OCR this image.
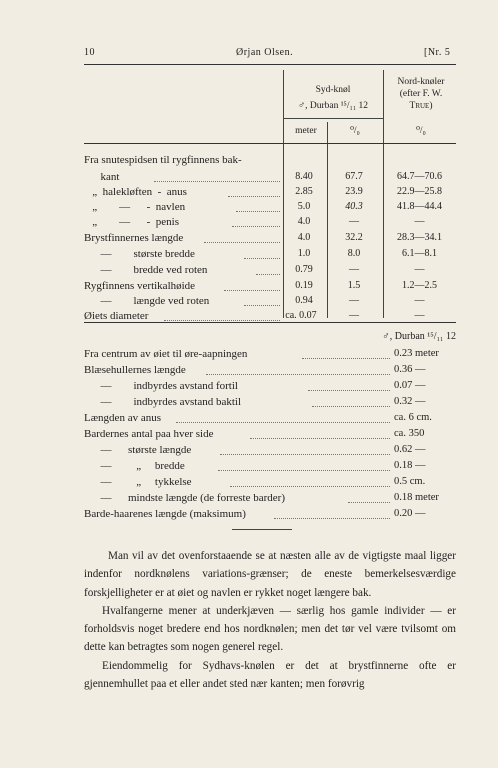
10	Ørjan Olsen.	[Nr. 5
Syd-knøl
♂, Durban ¹⁵/₁₁ 12
Nord-knøler
(efter F. W.
True)
meter	⁰/₀	⁰/₀
Fra snutespidsen til rygfinnens bak-
kant	8.40	67.7	64.7—70.6
„  halekløften  -  anus	2.85	23.9	22.9—25.8
„        —      -  navlen	5.0	40.3	41.8—44.4
„        —      -  penis	4.0	—	—
Brystfinnernes længde	4.0	32.2	28.3—34.1
—        største bredde	1.0	8.0	6.1—8.1
—        bredde ved roten	0.79	—	—
Rygfinnens vertikalhøide	0.19	1.5	1.2—2.5
—        længde ved roten	0.94	—	—
Øiets diameter	ca. 0.07	—	—
♂, Durban ¹⁵/₁₁ 12
Fra centrum av øiet til øre-aapningen	0.23 meter
Blæsehullernes længde	0.36 —
—        indbyrdes avstand fortil	0.07 —
—        indbyrdes avstand baktil	0.32 —
Længden av anus	ca. 6 cm.
Bardernes antal paa hver side	ca. 350
—      største længde	0.62 —
—         „     bredde	0.18 —
—         „     tykkelse	0.5 cm.
—      mindste længde (de forreste barder)	0.18 meter
Barde-haarenes længde (maksimum)	0.20 —

Man vil av det ovenforstaaende se at næsten alle av de vigtigste maal ligger indenfor nordknølens variations-grænser; de eneste bemerkelsesværdige forskjelligheter er at øiet og navlen er rykket noget længere bak.

Hvalfangerne mener at underkjæven — særlig hos gamle individer — er forholdsvis noget bredere end hos nordknølen; men det tør vel være tvilsomt om dette kan betragtes som nogen generel regel.

Eiendommelig for Sydhavs-knølen er det at brystfinnerne ofte er gjennemhullet paa et eller andet sted nær kanten; men forøvrig
